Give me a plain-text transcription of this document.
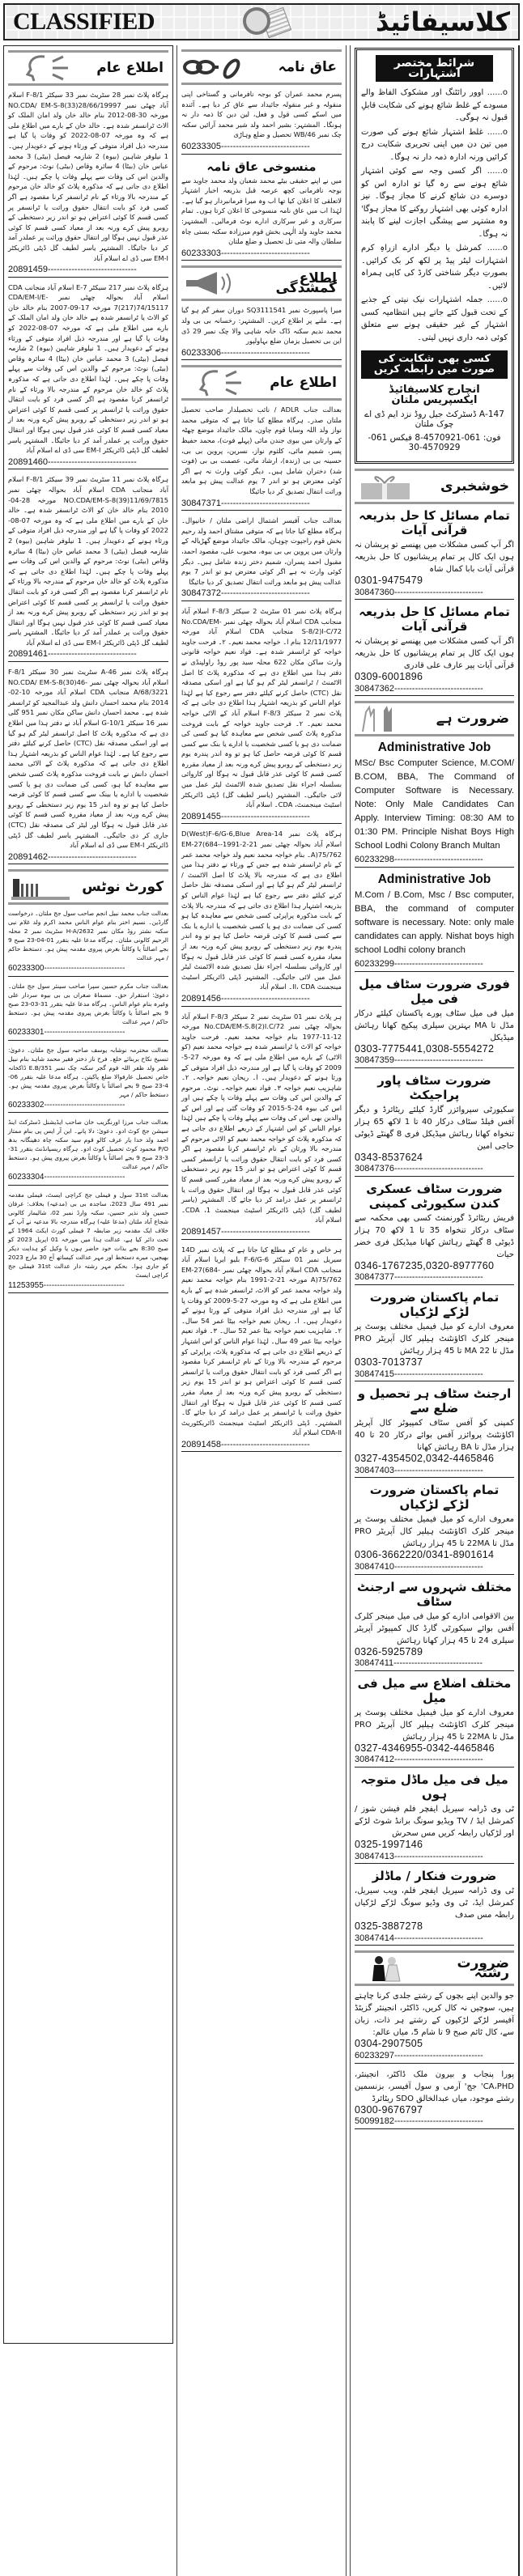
CLASSIFIED	کلاسیفائیڈ
اطلاع عام
ہرگاہ پلاٹ نمبر 28 سٹریٹ نمبر 33 سیکٹر F-8/1 اسلام آباد چھٹی نمبر NO.CDA/ EM-S-8(33)28/66/19997 مورخہ 30-08-2012 بنام خالد خان ولد امان الملک کو الاٹ ٹرانسفر شدہ ہے۔ خالد خان کے بارے میں اطلاع ملی ہے کہ وہ مورخہ 07-08-2022 کو وفات پا گیا ہے مندرجہ ذیل افراد متوفی کے ورثاء ہونے کے دعویدار ہیں۔ 1 نیلوفر شاہین (بیوہ) 2 شازمہ فیصل (بیٹی) 3 محمد عباس خان (بیٹا) 4 سائرہ وقاص (بیٹی) نوٹ: مرحوم کے والدین اس کی وفات سے پہلے وفات پا چکے ہیں۔ لہٰذا اطلاع دی جاتی ہے کہ مذکورہ پلاٹ کو خالد خان مرحوم کے مندرجہ بالا ورثاء کے نام ٹرانسفر کرنا مقصود ہے اگر کسی فرد کو بابت انتقال حقوق وراثت یا ٹرانسفر پر کسی قسم کا کوئی اعتراض ہو تو اندر زیر دستخطی کے روبرو پیش کرے ورنہ بعد از معیاد کسی قسم کا کوئی عذر قبول نہیں ہوگا اور انتقال حقوق وراثت پر عملدر آمد کر دیا جائیگا۔ المشتہر یاسر لطیف گل ڈپٹی ڈائریکٹر EM-I سی ڈی اے اسلام آباد
20891459------------------------------
ہرگاہ پلاٹ نمبر 217 سیکٹر E-7 اسلام آباد منجانب CDA اسلام آباد بحوالہ چھٹی نمبر CDA/EM-I/E-7(217)74/15117 مورخہ 17-09-2007 بنام خالد خان کو الاٹ یا ٹرانسفر شدہ ہے خالد خان ولد امان الملک کے بارے میں اطلاع ملی ہے کہ مورخہ 07-08-2022 کو وفات پا گیا ہے اور مندرجہ ذیل افراد متوفی کے ورثاء ہونے کے دعویدار ہیں۔ 1 نیلوفر شاہین (بیوہ) 2 شازمہ فیصل (بیٹی) 3 محمد عباس خان (بیٹا) 4 سائرہ وقاص (بیٹی) نوٹ: مرحوم کے والدین اس کی وفات سے پہلے وفات پا چکے ہیں۔ لہٰذا اطلاع دی جاتی ہے کہ مذکورہ پلاٹ کو خالد خان مرحوم کے مندرجہ بالا ورثاء کے نام ٹرانسفر کرنا مقصود ہے اگر کسی فرد کو بابت انتقال حقوق وراثت یا ٹرانسفر پر کسی قسم کا کوئی اعتراض ہو تو اندر زیر دستخطی کے روبرو پیش کرے ورنہ بعد از معیاد کسی قسم کا کوئی عذر قبول نہیں ہوگا اور انتقال حقوق وراثت پر عملدر آمد کر دیا جائیگا۔ المشتہر یاسر لطیف گل ڈپٹی ڈائریکٹر EM-I سی ڈی اے اسلام آباد
20891460------------------------------
ہرگاہ پلاٹ نمبر 11 سٹریٹ نمبر 39 سیکٹر F-8/1 اسلام آباد منجانب CDA اسلام آباد بحوالہ چھٹی نمبر NO.CDA/EM-S-8(39)11/69/7815 مورخہ 28-04-2010 بنام خالد خان کو الاٹ ٹرانسفر شدہ ہے۔ خالد خان کے بارے میں اطلاع ملی ہے کہ وہ مورخہ 07-08-2022 کو وفات پا گیا ہے اور مندرجہ ذیل افراد متوفی کے ورثاء ہونے کے دعویدار ہیں۔ 1 نیلوفر شاہین (بیوہ) 2 شازمہ فیصل (بیٹی) 3 محمد عباس خان (بیٹا) 4 سائرہ وقاص (بیٹی) نوٹ: مرحوم کے والدین اس کی وفات سے پہلے وفات پا چکے ہیں۔ لہٰذا اطلاع دی جاتی ہے کہ مذکورہ پلاٹ کو خالد خان مرحوم کے مندرجہ بالا ورثاء کے نام ٹرانسفر کرنا مقصود ہے اگر کسی فرد کو بابت انتقال حقوق وراثت یا ٹرانسفر پر کسی قسم کا کوئی اعتراض ہو تو اندر زیر دستخطی کے روبرو پیش کرے ورنہ بعد از معیاد کسی قسم کا کوئی عذر قبول نہیں ہوگا اور انتقال حقوق وراثت پر عملدر آمد کر دیا جائیگا۔ المشتہر یاسر لطیف گل ڈپٹی ڈائریکٹر EM-I سی ڈی اے اسلام آباد
20891461------------------------------
ہرگاہ پلاٹ نمبر 46-A سٹریٹ نمبر 30 سیکٹر F-8/1 اسلام آباد بحوالہ چھٹی نمبر NO.CDA/ EM-S-8(30)46-A/68/3221 منجانب CDA اسلام آباد مورخہ 10-02-2014 بنام محمد احسان دانش ولد عبدالمجید کو ٹرانسفر شدہ ہے۔ محمد احسان دانش ساکن مکان نمبر 951 گلی نمبر 16 سیکٹر G-10/1 اسلام آباد نے دفتر ہذا میں اطلاع دی ہے کہ مذکورہ پلاٹ کا اصل ٹرانسفر لیٹر گم ہو گیا ہے اور اسکی مصدقہ نقل (CTC) حاصل کرنے کیلئے دفتر سے رجوع کیا ہے۔ لہٰذا عوام الناس کو بذریعہ اشتہار ہذا اطلاع دی جاتی ہے کہ مذکورہ پلاٹ کے الاٹی محمد احسان دانش نے بابت فروخت مذکورہ پلاٹ کسی شخص سے معاہدہ کیا ہو، کسی کی ضمانت دی ہو یا کسی شخصیت یا ادارے یا بینک سے کسی قسم کا کوئی قرضہ حاصل کیا ہو تو وہ اندر 15 یوم زیر دستخطی کے روبرو پیش کرے ورنہ بعد از معیاد مقررہ کسی قسم کا کوئی عذر قابل قبول نہ ہوگا اور لیٹر کی مصدقہ نقل (CTC) جاری کر دی جائیگی۔ المشتہر یاسر لطیف گل ڈپٹی ڈائریکٹر EM-I سی ڈی اے اسلام آباد
20891462------------------------------
کورٹ نوٹس
بعدالت جناب محمد نبیل انجم صاحب سول جج ملتان۔ درخواست گارڈین۔ نسیم اختر بنام عوام الناس محمد اکرم ولد غلام نبی سکنہ نشتر روڈ مکان نمبر 2632/H-A سٹریٹ نمبر 2 محلہ الرحیم کالونی ملتان۔ ہرگاہ مدعا علیہ بتقرر 01-04-23 صبح 9 بجے اصالتاً یا وکالتاً بغرض پیروی مقدمہ پیش ہو۔ دستخط حاکم / مہر عدالت
60233300------------------------------
بعدالت جناب مکرم حسین سپرا صاحب سینئر سول جج ملتان۔ دعویٰ: استقرار حق۔ مسماۃ صغراں بی بی بیوہ سردار علی وغیرہ بنام عوام الناس۔ ہرگاہ مدعا علیہ بتقرر 31-03-23 صبح 9 بجے اصالتاً یا وکالتاً بغرض پیروی مقدمہ پیش ہو۔ دستخط حاکم / مہر عدالت
60233301------------------------------
بعدالت محترمہ نوشابہ یوسف صاحبہ سول جج ملتان۔ دعویٰ: تنسیخ نکاح بربنائے خلع۔ فرح ناز دختر فقیر محمد شاہد بنام نبیل ظفر ولد ظفر اللہ قوم گجر سکنہ چک نمبر 351/E.B ڈاکخانہ خاص تحصیل عارفوالا ضلع پاکپتن۔ ہرگاہ مدعا علیہ بتقرر 06-4-23 صبح 9 بجے اصالتاً یا وکالتاً بغرض پیروی مقدمہ پیش ہو۔ دستخط حاکم / مہر
60233302------------------------------
بعدالت جناب مرزا اورنگزیب خان صاحب ایڈیشنل ڈسٹرکٹ اینڈ سیشن جج کوٹ ادو۔ دعویٰ: دلا پانے۔ این آر ایس پی بنام ممتاز احمد ولد خدا یار عرف کالو قوم سید سکنہ چاہ دھینگانہ بدھ P/O محمود کوٹ تحصیل کوٹ ادو۔ ہرگاہ ریسپانڈنٹ بتقرر 31-3-23 صبح 9 بجے اصالتاً یا وکالتاً بغرض پیروی پیش ہو۔ دستخط حاکم / مہر عدالت
60233304------------------------------
بعدالت 31st سول و فیملی جج کراچی ایسٹ، فیملی مقدمہ نمبر 491 سال 2023، ساجدہ بی بی (مدعیہ) بخلاف: عرفان حسین ولد نذیر حسین، سکنہ وارڈ نمبر 02، شالیمار کالونی شجاع آباد ملتان (مدعا علیہ) ہرگاہ مندرجہ بالا مدعیہ نے آپ کے خلاف ایک مقدمہ زیر ضابطہ 7 فیملی کورٹ ایکٹ 1964 کے تحت دائر کیا ہے، عدالت ہذا میں مورخہ 01 اپریل 2023 کو صبح 8:30 بجے بذات خود حاضر ہوں یا وکیل کو ہدایت دیکر بھیجیں، میرے دستخط اور مہر عدالت کیساتھ آج 30 مارچ 2023 کو جاری ہوا۔ بحکم مہر رشتہ دار عدالت 31st فیملی جج کراچی ایسٹ
11253955------------------------------
عاق نامہ
پسرم محمد عمران کو بوجہ نافرمانی و گستاخی اپنی منقولہ و غیر منقولہ جائیداد سے عاق کر دیا ہے۔ آئندہ میں اسکے کسی قول و فعل، لین دین کا ذمہ دار نہ ہونگا۔ المشتہر: بشیر احمد ولد شیر محمد آرائیں سکنہ چک نمبر 46/WB تحصیل و ضلع وہاڑی
60233305------------------------------
منسوخی عاق نامہ
میں نے اپنے حقیقی بیٹے محمد شعبان ولد محمد جاوید سے بوجہ نافرمانی کچھ عرصہ قبل بذریعہ اخبار اشتہار لاتعلقی کا اعلان کیا تھا اب وہ میرا فرمانبردار ہو گیا ہے۔ لہٰذا اب میں عاق نامہ منسوخی کا اعلان کرتا ہوں۔ تمام سرکاری و غیر سرکاری ادارے نوٹ فرمالیں۔ المشتہر: محمد جاوید ولد الٰہی بخش قوم میرزادہ سکنہ بستی چاہ سلطان والہ متی تل تحصیل و ضلع ملتان
60233303------------------------------
اطلاع گمشدگی
میرا پاسپورٹ نمبر SQ3111541 دوران سفر گم ہو گیا ہے۔ ملنے پر اطلاع کریں۔ المشتہر: رخسانہ بی بی ولد محمد ندیم سکنہ ڈاک خانہ شاہی والا چک نمبر 29 ڈی این بی تحصیل یزمان ضلع بہاولپور
60233306------------------------------
اطلاع عام
بعدالت جناب ADLR / نائب تحصیلدار صاحب تحصیل ملتان صدر۔ ہرگاہ مطلع کیا جاتا ہے کہ متوفی محمد نواز ولد اللہ وسایا قوم چاون، مالک جائیداد موضع چھٹہ کے وارثان میں بیوی جندن مائی (پہلے فوت)، محمد حفیظ پسر، شمیم مائی، کلثوم نواز، نسرین، پروین بی بی، حسینہ بی بی (زندہ)، ارشاد مائی، عصمت بی بی (فوت شد) دختران شامل ہیں۔ دیگر کوئی وارث نہ ہے اگر کوئی معترض ہو تو اندر 7 یوم عدالت پیش ہو مابعد وراثت انتقال تصدیق کر دیا جائیگا
30847371------------------------------
بعدالت جناب آفیسر اشتمال اراضی ملتان / خانیوال۔ ہرگاہ مطلع کیا جاتا ہے کہ متوفی مشتاق احمد ولد رحیم بخش قوم راجپوت چوہان، مالک جائیداد موضع گھڑیالہ کے وارثان میں پروین بی بی بیوہ، محبوب علی، مقصود احمد، مقبول احمد پسران، شمیم دختر زندہ شامل ہیں۔ دیگر کوئی وارث نہ ہے اگر کوئی معترض ہو تو اندر 7 یوم عدالت پیش ہو مابعد وراثت انتقال تصدیق کر دیا جائیگا
30847372------------------------------
ہرگاہ پلاٹ نمبر 01 سٹریٹ 2 سیکٹر F-8/3 اسلام آباد منجانب CDA اسلام آباد بحوالہ چھٹی نمبر No.CDA/EM-S-8/2)I-C/72 منجانب CDA اسلام آباد مورخہ 12/11/1977 بنام ا۔ خواجہ محمد نعیم۔ ۲۔ فرحت جاوید خواجہ کو ٹرانسفر شدہ ہے۔ فواد نعیم خواجہ قانونی وارث ساکن مکان 622 محلہ سید پور روڈ راولپنڈی نے دفتر ہذا میں اطلاع دی ہے کہ مذکورہ پلاٹ کا اصل الاٹمنٹ / ٹرانسفر لیٹر گم ہو گیا ہے اور اسکی مصدقہ نقل (CTC) حاصل کرنے کیلئے دفتر سے رجوع کیا ہے لہٰذا عوام الناس کو بذریعہ اشتہار ہذا اطلاع دی جاتی ہے کہ پلاٹ نمبر 2 سیکٹر F-8/3 اسلام آباد کے الاٹی خواجہ محمد نعیم۔ ۲۔ فرحت جاوید خواجہ کے بابت فروخت مذکورہ پلاٹ کسی شخص سے معاہدہ کیا ہو کسی کی ضمانت دی ہو یا کسی شخصیت یا ادارے یا بنک سے کسی قسم کا کوئی قرضہ حاصل کیا ہو تو وہ اندر پندرہ یوم زیر دستخطی کے روبرو پیش کرے ورنہ بعد از معیاد مقررہ کسی قسم کا کوئی عذر قابل قبول نہ ہوگا اور کاروائی بسلسلہ اجراء نقل تصدیق شدہ الاٹمنٹ لیٹر عمل میں لائی جائیگی۔ المشتہر (یاسر لطیف گل) ڈپٹی ڈائریکٹر اسٹیٹ مینجمنٹ، CDA۔ اسلام آباد
20891455------------------------------
ہرگاہ پلاٹ نمبر 14-D(West)F-6/G-6,Blue Area اسلام آباد بحوالہ چھٹی نمبر 21-2-1991-EM-27(684-A)75/762۔ بنام خواجہ محمد نعیم ولد خواجہ محمد عمر کے نام ٹرانسفر شدہ ہے جس کے ورثاء نے دفتر ہذا میں اطلاع دی ہے کہ مندرجہ بالا پلاٹ کا اصل الاٹمنٹ / ٹرانسفر لیٹر گم ہو گیا ہے اور اسکی مصدقہ نقل حاصل کرنے کیلئے دفتر سے رجوع کیا ہے لہٰذا عوام الناس کو بذریعہ اشتہار ہذا اطلاع دی جاتی ہے کہ مندرجہ بالا پلاٹ کے بابت مذکورہ پراپرٹی کسی شخص سے معاہدہ کیا ہو کسی کی ضمانت دی ہو یا کسی شخصیت یا ادارے یا بنک سے کسی قسم کا کوئی قرضہ حاصل کیا ہو تو وہ اندر پندرہ یوم زیر دستخطی کے روبرو پیش کرے ورنہ بعد از معیاد مقررہ کسی قسم کا کوئی عذر قابل قبول نہ ہوگا اور کاروائی بسلسلہ اجراء نقل تصدیق شدہ الاٹمنٹ لیٹر عمل میں لائی جائیگی۔ المشتہر ڈپٹی ڈائریکٹر اسٹیٹ مینجمنٹ II، CDA۔ اسلام آباد
20891456------------------------------
ہر پلاٹ نمبر 01 سٹریٹ نمبر 2 سیکٹر F-8/3 اسلام آباد بحوالہ چھٹی نمبر No.CDA/EM-S.8(2)I.C/72 مورخہ 12-11-1977 بنام خواجہ محمد نعیم۔ فرحت جاوید خواجہ کو الاٹ یا ٹرانسفر شدہ ہے خواجہ محمد نعیم (کو الاٹی) کے بارے میں اطلاع ملی ہے کہ وہ مورخہ 27-5-2009 کو وفات پا گیا ہے اور مندرجہ ذیل افراد متوفی کے ورثا ہونے کے دعویدار ہیں۔ ا۔ ریحان نعیم خواجہ۔ ۲۔ شاہزیب نعیم خواجہ ۳۔ فواد نعیم خواجہ۔ نوٹ۔ مرحوم کے والدین اس کی وفات سے پہلے وفات پا چکے ہیں اور اس کی بیوہ 24-5-2015 کو وفات گئی ہے اور اس کے والدین بھی اس کی وفات سے پہلے وفات پا چکے ہیں لہٰذا عوام الناس کو اس اشتہار کے ذریعے اطلاع دی جاتی ہے کہ مذکورہ پلاٹ کو خواجہ محمد نعیم کو الاٹی مرحوم کے مندرجہ بالا ورثان کے نام ٹرانسفر کرنا مقصود ہے اگر کسی فرد کو بابت انتقال حقوق وراثت یا ٹرانسفر کسی قسم کا کوئی اعتراض ہو تو اندر 15 یوم زیر دستخطی کے روبرو پیش کرے ورنہ بعد از معیاد مقرر کسی قسم کا کوئی عذر قابل قبول نہ ہوگا اور انتقال حقوق وراثت یا ٹرانسفر پر عمل درامد کر دیا جائے گا۔ المشتہر (یاسر لطیف گل) ڈپٹی ڈائریکٹر اسٹیٹ مینجمنٹ 1، CDA۔ اسلام آباد
20891457------------------------------
ہر خاص و عام کو مطلع کیا جاتا ہے کہ پلاٹ نمبر 14D سیریل نمبر 01 سیکٹر F-6/G-6 بلیو ایریا اسلام آباد منجانب CDA اسلام آباد بحوالہ چھٹی نمبر EM-27(684-A)75/762 مورخہ 21-2-1991 بنام خواجہ محمد نعیم ولد خواجہ محمد عمر کو الاٹ، ٹرانسفر شدہ ہے کے بارے میں اطلاع ملی ہے کہ وہ مورخہ 27-5-2009 کو وفات پا گیا ہے اور مندرجہ ذیل افراد متوفی کے ورثا ہونے کے دعویدار ہیں۔ ا۔ ریحان نعیم خواجہ بیٹا عمر 54 سال۔ ۲۔ شاہزیب نعیم خواجہ بیٹا عمر 52 سال۔ ۳۔ فواد نعیم خواجہ بیٹا عمر 49 سال۔ لہٰذا عوام الناس کو اس اشتہار کے ذریعے اطلاع دی جاتی ہے کہ مذکورہ پلاٹ، پراپرٹی کو مرحوم کے مندرجہ بالا ورثا کے نام ٹرانسفر کرنا مقصود ہے اگر کسی فرد کو بابت انتقال حقوق وراثت یا ٹرانسفر کسی قسم کا کوئی اعتراض ہو تو اندر 15 یوم زیر دستخطی کے روبرو پیش کرے ورنہ بعد از معیاد مقرر کسی قسم کا کوئی عذر قابل قبول نہ ہوگا اور انتقال حقوق وراثت یا ٹرانسفر پر عمل درامد کر دیا جائے گا۔ المشتہر۔ ڈپٹی ڈائریکٹر اسٹیٹ مینجمنٹ ڈائریکٹوریٹ CDA-II اسلام آباد
20891458------------------------------
شرائط مختصر اشتہارات

o...... اوور رائٹنگ اور مشکوک الفاظ والے مسودے کے غلط شائع ہونے کی شکایت قابلِ قبول نہ ہوگی۔

o...... غلط اشتہار شائع ہونے کی صورت میں تین دن میں اپنی تحریری شکایت درج کرائیں ورنہ ادارہ ذمہ دار نہ ہوگا۔

o...... اگر کسی وجہ سے کوئی اشتہار شائع ہونے سے رہ گیا تو ادارہ اس کو دوسرے دن شائع کرنے کا مجاز ہوگا۔ نیز ادارہ کوئی بھی اشتہار روکنے کا مجاز ہوگا' وہ مشتہر سے پیشگی اجازت لینے کا پابند نہ ہوگا۔

o...... کمرشل یا دیگر ادارے ازراہِ کرم اشتہارات لیٹر پیڈ پر لکھ کر بک کرائیں۔ بصورتِ دیگر شناختی کارڈ کی کاپی ہمراہ لائیں۔

o...... جملہ اشتہارات نیک نیتی کے جذبے کے تحت قبول کئے جاتے ہیں انتظامیہ کسی اشتہار کے غیر حقیقی ہونے سے متعلق کوئی ذمہ داری نہیں لیتی۔

کسی بھی شکایت کی صورت میں رابطہ کریں
انچارج کلاسیفائیڈ ایکسپریس ملتان
147-A ڈسٹرکٹ جیل روڈ نزد ایم ڈی اے چوک ملتان
فون: 061-4570921-8 فیکس 061-4570929-30
خوشخبری
تمام مسائل کا حل بذریعہ قرآنی آیات
اگر آپ کسی مشکلات میں پھنسے تو پریشان نہ ہوں ایک کال پر تمام پریشانیوں کا حل بذریعہ قرآنی آیات بابا کمال شاہ
0301-9475479
30847360------------------------------
تمام مسائل کا حل بذریعہ قرآنی آیات
اگر آپ کسی مشکلات میں پھنسے تو پریشان نہ ہوں ایک کال پر تمام پریشانیوں کا حل بذریعہ قرآنی آیات پیر عارف علی قادری
0309-6001896
30847362------------------------------
ضرورت ہے
Administrative Job
MSc/ Bsc Computer Science, M.COM/ B.COM, BBA, The Command of Computer Software is Necessary. Note: Only Male Candidates Can Apply. Interview Timing: 08:30 AM to 01:30 PM. Principle Nishat Boys High School Lodhi Colony Branch Multan
60233298------------------------------
Administrative Job
M.Com / B.Com, Msc / Bsc computer, BBA, the command of computer software is necessary. Note: only male candidates can apply. Nishat boys high school Lodhi colony branch
60233299------------------------------
فوری ضرورت سٹاف میل فی میل
میل فی میل سٹاف پورے پاکستان کیلئے درکار مڈل تا MA بہترین سیلری پیکیج کھانا رہائش میڈیکل
0303-7775441,0308-5554272
30847359------------------------------
ضرورت سٹاف پاور پراجیکٹ
سکیورٹی سپروائزر گارڈ کیلئے ریٹائرڈ و دیگر آفس فیلڈ سٹاف درکار 40 تا 1 لاکھ 65 ہزار تنخواہ کھانا رہائش میڈیکل فری 8 گھنٹے ڈیوٹی حاجی امین
0343-8537624
30847376------------------------------
ضرورت سٹاف عسکری کندن سکیورٹی کمپنی
فریش ریٹائرڈ گورنمنٹ کسی بھی محکمہ سے سٹاف درکار تنخواہ 35 تا 1 لاکھ 70 ہزار ڈیوٹی 8 گھنٹے رہائش کھانا میڈیکل فری خضر حیات
0346-1767235,0320-8977760
30847377------------------------------
تمام پاکستان ضرورت لڑکے لڑکیاں
معروف ادارے کو میل فیمیل مختلف پوسٹ پر مینجر کلرک اکاؤنٹنٹ ہیلپر کال آپریٹر PRO مڈل تا MA 22 تا 45 ہزار رہائش
0303-7013737
30847415------------------------------
ارجنٹ سٹاف ہر تحصیل و ضلع سے
کمپنی کو آفس سٹاف کمپیوٹر کال آپریٹر اکاؤنٹنٹ پروائزر آفس بوائے درکار 20 تا 40 ہزار مڈل تا BA رہائش کھانا
0327-4354502,0342-4465846
30847403------------------------------
تمام پاکستان ضرورت لڑکے لڑکیاں
معروف ادارے کو میل فیمیل مختلف پوسٹ پر مینجر کلرک اکاؤنٹنٹ ہیلپر کال آپریٹر PRO مڈل تا 22MA تا 45 ہزار رہائش
0306-3662220/0341-8901614
30847410------------------------------
مختلف شہروں سے ارجنٹ سٹاف
بین الاقوامی ادارے کو میل فی میل مینجر کلرک آفس بوائے سیکورٹی گارڈ کال کمپیوٹر آپریٹر سیلری 24 تا 45 ہزار کھانا رہائش
0326-5925789
30847411------------------------------
مختلف اضلاع سے میل فی میل
معروف ادارے کو میل فیمیل مختلف پوسٹ پر مینجر کلرک اکاؤنٹنٹ ہیلپر کال آپریٹر PRO مڈل تا 22MA تا 45 ہزار رہائش
0327-4346955-0342-4465846
30847412------------------------------
میل فی میل ماڈل متوجہ ہوں
ٹی وی ڈرامہ سیریل ایفچر فلم فیشن شوز / کمرشل ایڈ / TV ویڈیو سونگ برانڈ شوٹ لڑکے اور لڑکیاں رابطہ کریں مس سحرش
0325-1997146
30847413------------------------------
ضرورت فنکار / ماڈلز
ٹی وی ڈرامہ سیریل ایفچر فلم، ویب سیریل، کمرشل ایڈ، ٹی وی وڈیو سونگ لڑکے لڑکیاں رابطہ مس صدف
0325-3887278
30847414------------------------------
ضرورت رشتہ
جو والدین اپنے بچوں کے رشتے جلدی کرنا چاہتے ہیں، سوچیں نہ کال کریں، ڈاکٹر، انجینئر گزیٹڈ آفیسر لڑکے لڑکیوں کے رشتے ہر ذات، زبان سے، کال ٹائم صبح 9 تا شام 5، میاں عالم:
0304-2907505
60233297------------------------------
پورا پنجاب و بیرون ملک ڈاکٹر، انجینئر، CA،PHD' جج' آرمی و سول آفیسر، بزنسمین رشتے موجود، میاں عبدالخالق SDO ریٹائرڈ
0300-9676797
50099182------------------------------
